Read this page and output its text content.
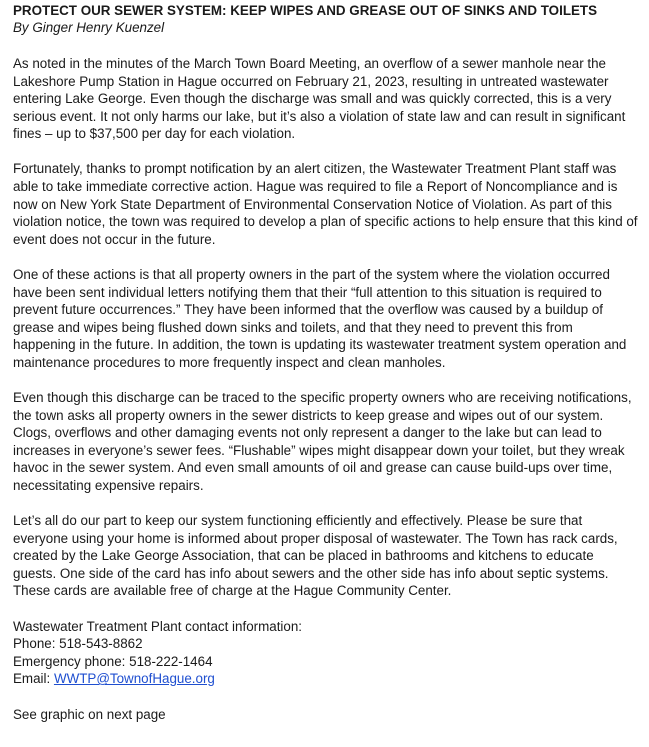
PROTECT OUR SEWER SYSTEM: KEEP WIPES AND GREASE OUT OF SINKS AND TOILETS
By Ginger Henry Kuenzel

As noted in the minutes of the March Town Board Meeting, an overflow of a sewer manhole near the Lakeshore Pump Station in Hague occurred on February 21, 2023, resulting in untreated wastewater entering Lake George. Even though the discharge was small and was quickly corrected, this is a very serious event. It not only harms our lake, but it’s also a violation of state law and can result in significant fines – up to $37,500 per day for each violation.

Fortunately, thanks to prompt notification by an alert citizen, the Wastewater Treatment Plant staff was able to take immediate corrective action. Hague was required to file a Report of Noncompliance and is now on New York State Department of Environmental Conservation Notice of Violation. As part of this violation notice, the town was required to develop a plan of specific actions to help ensure that this kind of event does not occur in the future.

One of these actions is that all property owners in the part of the system where the violation occurred have been sent individual letters notifying them that their “full attention to this situation is required to prevent future occurrences.” They have been informed that the overflow was caused by a buildup of grease and wipes being flushed down sinks and toilets, and that they need to prevent this from happening in the future. In addition, the town is updating its wastewater treatment system operation and maintenance procedures to more frequently inspect and clean manholes.

Even though this discharge can be traced to the specific property owners who are receiving notifications, the town asks all property owners in the sewer districts to keep grease and wipes out of our system. Clogs, overflows and other damaging events not only represent a danger to the lake but can lead to increases in everyone’s sewer fees. “Flushable” wipes might disappear down your toilet, but they wreak havoc in the sewer system. And even small amounts of oil and grease can cause build-ups over time, necessitating expensive repairs.

Let’s all do our part to keep our system functioning efficiently and effectively. Please be sure that everyone using your home is informed about proper disposal of wastewater. The Town has rack cards, created by the Lake George Association, that can be placed in bathrooms and kitchens to educate guests. One side of the card has info about sewers and the other side has info about septic systems. These cards are available free of charge at the Hague Community Center.

Wastewater Treatment Plant contact information:
Phone: 518-543-8862
Emergency phone: 518-222-1464
Email: WWTP@TownofHague.org
See graphic on next page
